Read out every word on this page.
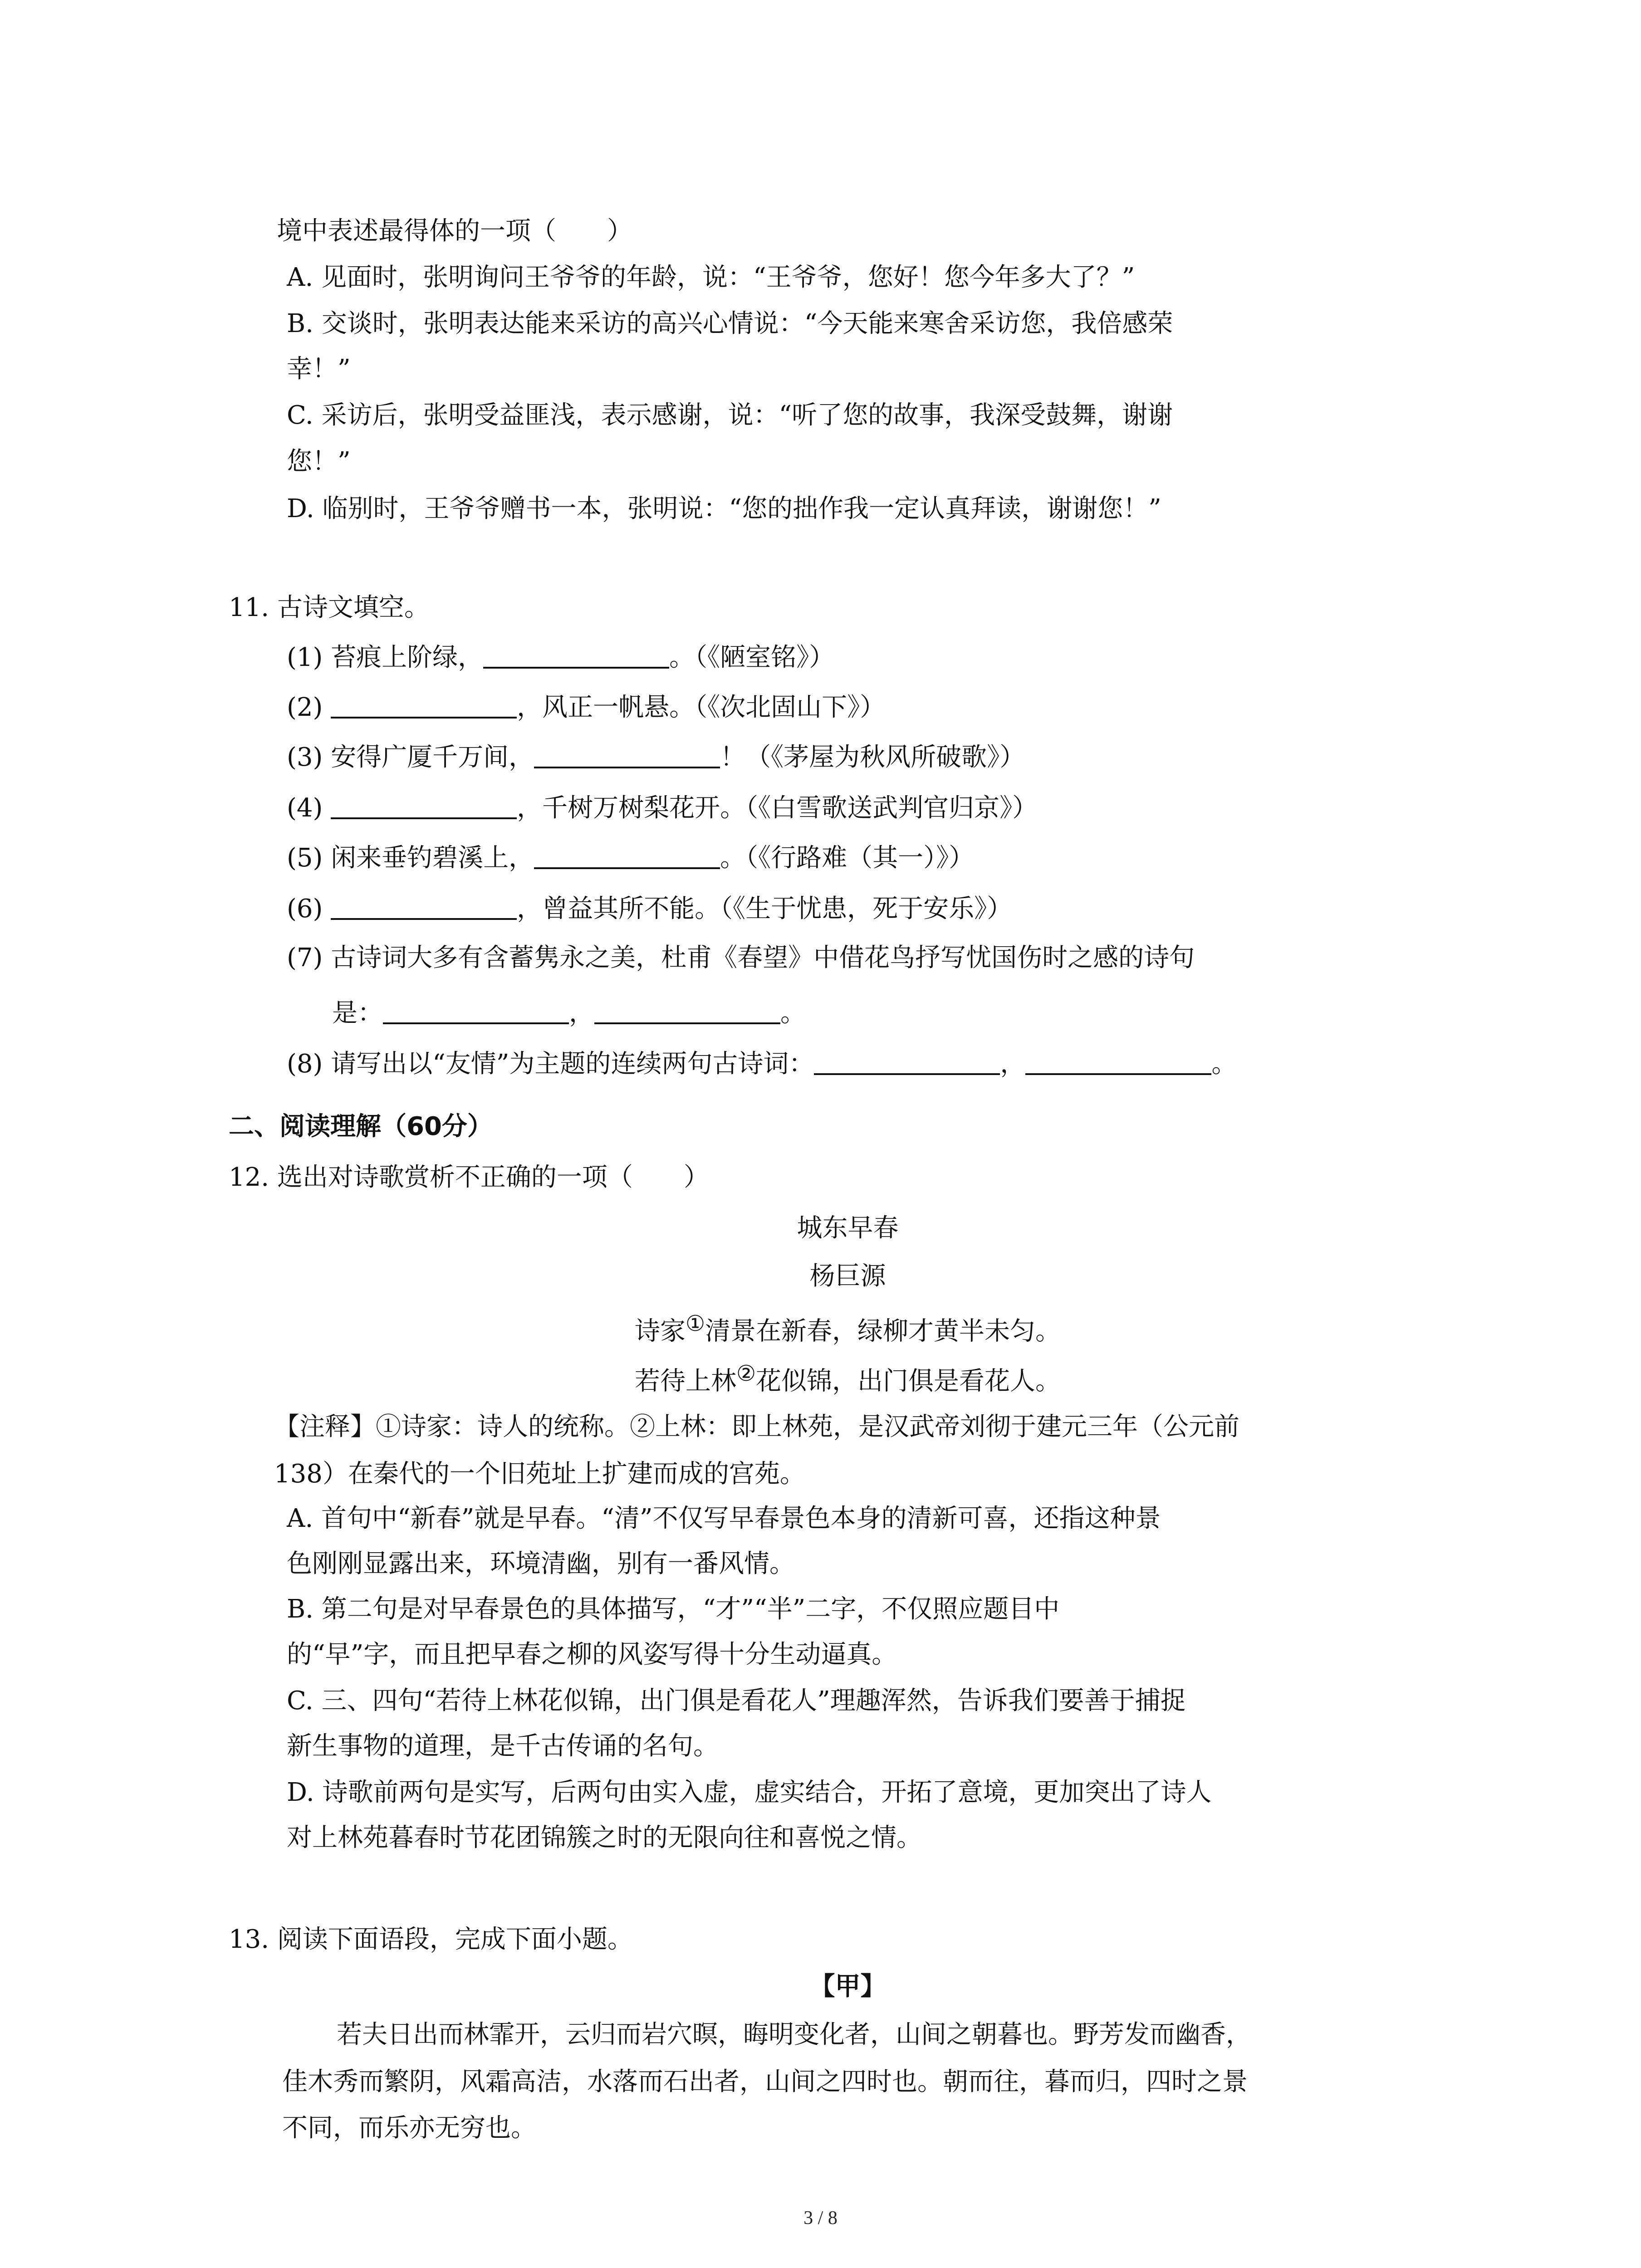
境中表述最得体的一项（　　）
A. 见面时，张明询问王爷爷的年龄，说：“王爷爷，您好！您今年多大了？”
B. 交谈时，张明表达能来采访的高兴心情说：“今天能来寒舍采访您，我倍感荣
幸！”
C. 采访后，张明受益匪浅，表示感谢，说：“听了您的故事，我深受鼓舞，谢谢
您！”
D. 临别时，王爷爷赠书一本，张明说：“您的拙作我一定认真拜读，谢谢您！”
11. 古诗文填空。
(1) 苔痕上阶绿，	。（《陋室铭》）
(2)	，风正一帆悬。（《次北固山下》）
(3) 安得广厦千万间，	！（《茅屋为秋风所破歌》）
(4)	，千树万树梨花开。（《白雪歌送武判官归京》）
(5) 闲来垂钓碧溪上，	。（《行路难（其一）》）
(6)	，曾益其所不能。（《生于忧患，死于安乐》）
(7) 古诗词大多有含蓄隽永之美，杜甫《春望》中借花鸟抒写忧国伤时之感的诗句
是：	，	。
(8) 请写出以“友情”为主题的连续两句古诗词：	，	。
二、阅读理解（60分）
12. 选出对诗歌赏析不正确的一项（　　）
城东早春
杨巨源
诗家①清景在新春，绿柳才黄半未匀。
若待上林②花似锦，出门俱是看花人。
【注释】①诗家：诗人的统称。②上林：即上林苑，是汉武帝刘彻于建元三年（公元前
138）在秦代的一个旧苑址上扩建而成的宫苑。
A. 首句中“新春”就是早春。“清”不仅写早春景色本身的清新可喜，还指这种景
色刚刚显露出来，环境清幽，别有一番风情。
B. 第二句是对早春景色的具体描写，“才”“半”二字，不仅照应题目中
的“早”字，而且把早春之柳的风姿写得十分生动逼真。
C. 三、四句“若待上林花似锦，出门俱是看花人”理趣浑然，告诉我们要善于捕捉
新生事物的道理，是千古传诵的名句。
D. 诗歌前两句是实写，后两句由实入虚，虚实结合，开拓了意境，更加突出了诗人
对上林苑暮春时节花团锦簇之时的无限向往和喜悦之情。
13. 阅读下面语段，完成下面小题。
【甲】
若夫日出而林霏开，云归而岩穴暝，晦明变化者，山间之朝暮也。野芳发而幽香，
佳木秀而繁阴，风霜高洁，水落而石出者，山间之四时也。朝而往，暮而归，四时之景
不同，而乐亦无穷也。
3 / 8
